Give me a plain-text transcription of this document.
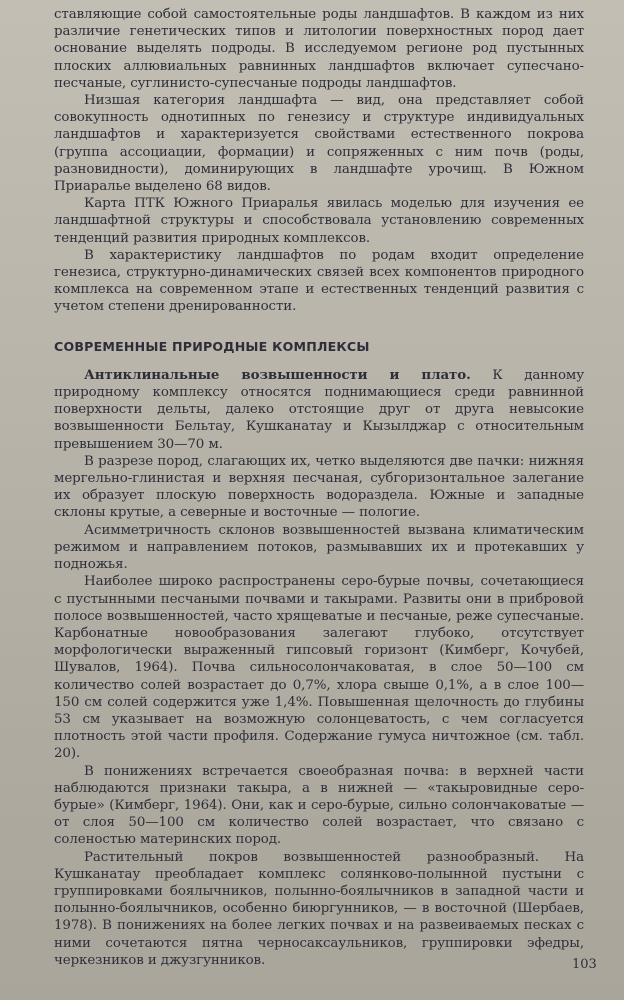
ставляющие собой самостоятельные роды ландшафтов. В каждом из них различие генетических типов и литологии поверхностных пород дает основание выделять подроды. В исследуемом регионе род пустынных плоских аллювиальных равнинных ландшафтов включает супесчано-песчаные, суглинисто-супесчаные подроды ландшафтов.

Низшая категория ландшафта — вид, она представляет собой совокупность однотипных по генезису и структуре индивидуальных ландшафтов и характеризуется свойствами естественного покрова (группа ассоциации, формации) и сопряженных с ним почв (роды, разновидности), доминирующих в ландшафте урочищ. В Южном Приаралье выделено 68 видов.

Карта ПТК Южного Приаралья явилась моделью для изучения ее ландшафтной структуры и способствовала установлению современных тенденций развития природных комплексов.

В характеристику ландшафтов по родам входит определение генезиса, структурно-динамических связей всех компонентов природного комплекса на современном этапе и естественных тенденций развития с учетом степени дренированности.

СОВРЕМЕННЫЕ ПРИРОДНЫЕ КОМПЛЕКСЫ

Антиклинальные возвышенности и плато. К данному природному комплексу относятся поднимающиеся среди равнинной поверхности дельты, далеко отстоящие друг от друга невысокие возвышенности Бельтау, Кушканатау и Кызылджар с относительным превышением 30—70 м.

В разрезе пород, слагающих их, четко выделяются две пачки: нижняя мергельно-глинистая и верхняя песчаная, субгоризонтальное залегание их образует плоскую поверхность водораздела. Южные и западные склоны крутые, а северные и восточные — пологие.

Асимметричность склонов возвышенностей вызвана климатическим режимом и направлением потоков, размывавших их и протекавших у подножья.

Наиболее широко распространены серо-бурые почвы, сочетающиеся с пустынными песчаными почвами и такырами. Развиты они в прибровой полосе возвышенностей, часто хрящеватые и песчаные, реже супесчаные. Карбонатные новообразования залегают глубоко, отсутствует морфологически выраженный гипсовый горизонт (Кимберг, Кочубей, Шувалов, 1964). Почва сильносолончаковатая, в слое 50—100 см количество солей возрастает до 0,7%, хлора свыше 0,1%, а в слое 100—150 см солей содержится уже 1,4%. Повышенная щелочность до глубины 53 см указывает на возможную солонцеватость, с чем согласуется плотность этой части профиля. Содержание гумуса ничтожное (см. табл. 20).

В понижениях встречается своеобразная почва: в верхней части наблюдаются признаки такыра, а в нижней — «такыровидные серо-бурые» (Кимберг, 1964). Они, как и серо-бурые, сильно солончаковатые — от слоя 50—100 см количество солей возрастает, что связано с соленостью материнских пород.

Растительный покров возвышенностей разнообразный. На Кушканатау преобладает комплекс солянково-полынной пустыни с группировками боялычников, полынно-боялычников в западной части и полынно-боялычников, особенно биюргунников, — в восточной (Шербаев, 1978). В понижениях на более легких почвах и на развеиваемых песках с ними сочетаются пятна черносаксаульников, группировки эфедры, черкезников и джузгунников.	103
